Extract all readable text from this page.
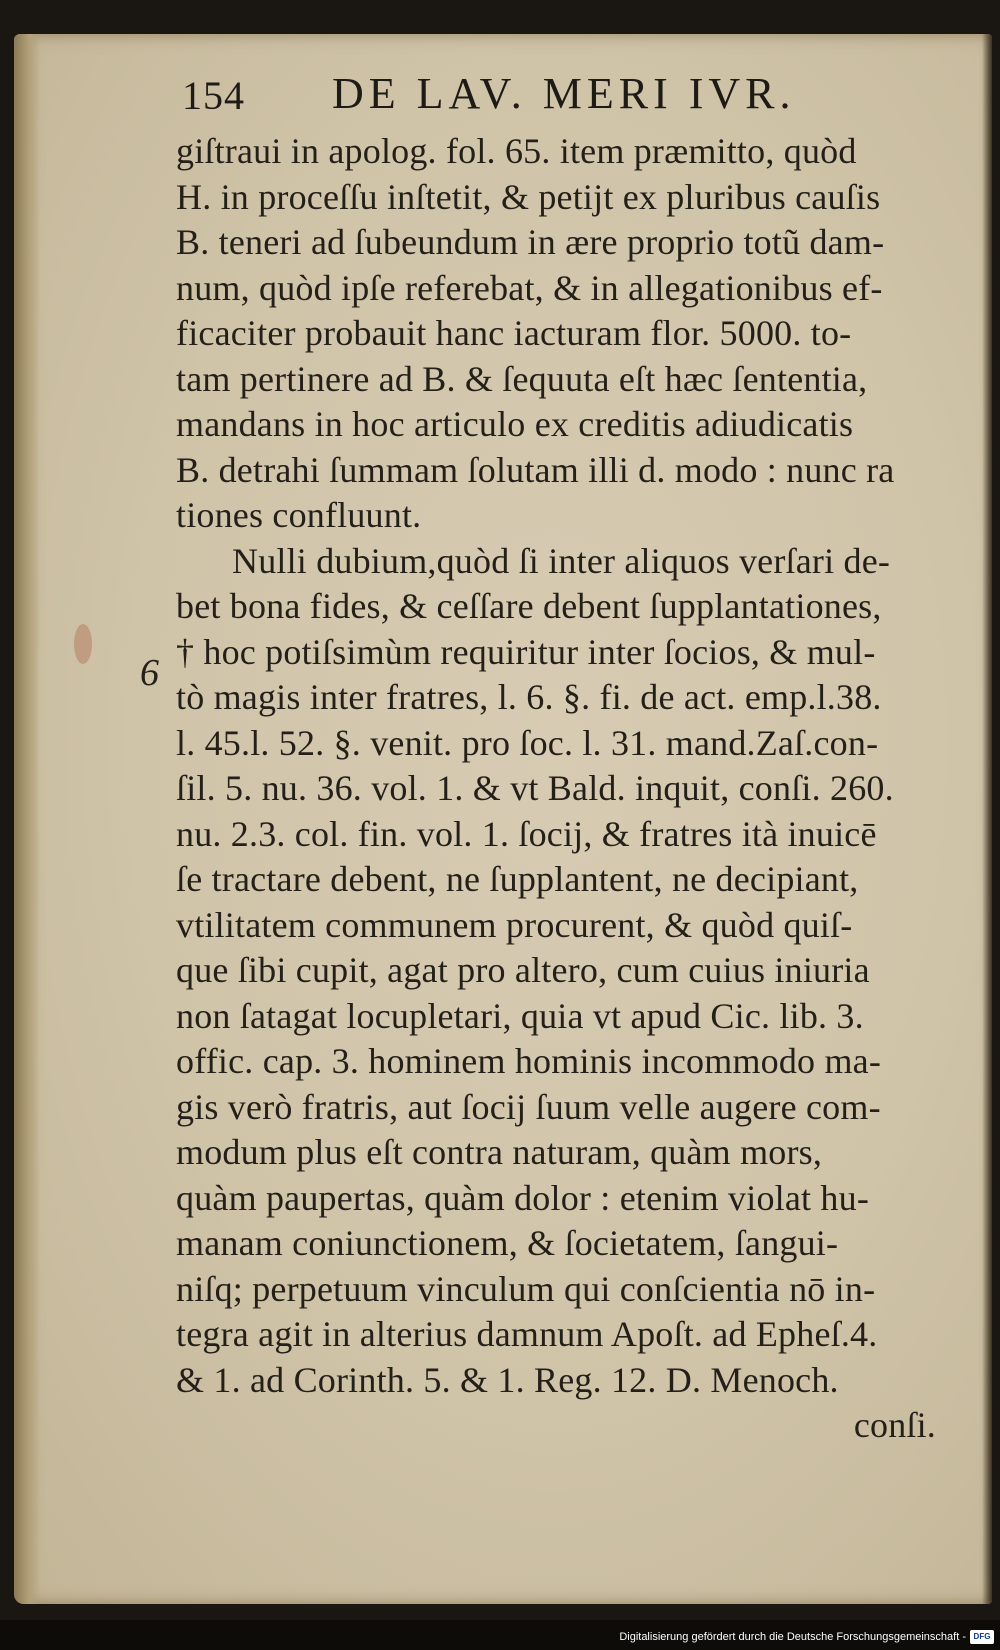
154 DE LAV. MERI IVR.
6
giſtraui in apolog. fol. 65. item præmitto, quòd
H. in proceſſu inſtetit, & petijt ex pluribus cauſis
B. teneri ad ſubeundum in ære proprio totũ dam-
num, quòd ipſe referebat, & in allegationibus ef-
ficaciter probauit hanc iacturam flor. 5000. to-
tam pertinere ad B. & ſequuta eſt hæc ſententia,
mandans in hoc articulo ex creditis adiudicatis
B. detrahi ſummam ſolutam illi d. modo : nunc ra
tiones confluunt.
Nulli dubium,quòd ſi inter aliquos verſari de-
bet bona fides, & ceſſare debent ſupplantationes,
† hoc potiſsimùm requiritur inter ſocios, & mul-
tò magis inter fratres, l. 6. §. fi. de act. emp.l.38.
l. 45.l. 52. §. venit. pro ſoc. l. 31. mand.Zaſ.con-
ſil. 5. nu. 36. vol. 1. & vt Bald. inquit, conſi. 260.
nu. 2.3. col. fin. vol. 1. ſocij, & fratres ità inuicē
ſe tractare debent, ne ſupplantent, ne decipiant,
vtilitatem communem procurent, & quòd quiſ-
que ſibi cupit, agat pro altero, cum cuius iniuria
non ſatagat locupletari, quia vt apud Cic. lib. 3.
offic. cap. 3. hominem hominis incommodo ma-
gis verò fratris, aut ſocij ſuum velle augere com-
modum plus eſt contra naturam, quàm mors,
quàm paupertas, quàm dolor : etenim violat hu-
manam coniunctionem, & ſocietatem, ſangui-
niſq; perpetuum vinculum qui conſcientia nō in-
tegra agit in alterius damnum Apoſt. ad Epheſ.4.
& 1. ad Corinth. 5. & 1. Reg. 12. D. Menoch.
conſi.
Digitalisierung gefördert durch die Deutsche Forschungsgemeinschaft - DFG
